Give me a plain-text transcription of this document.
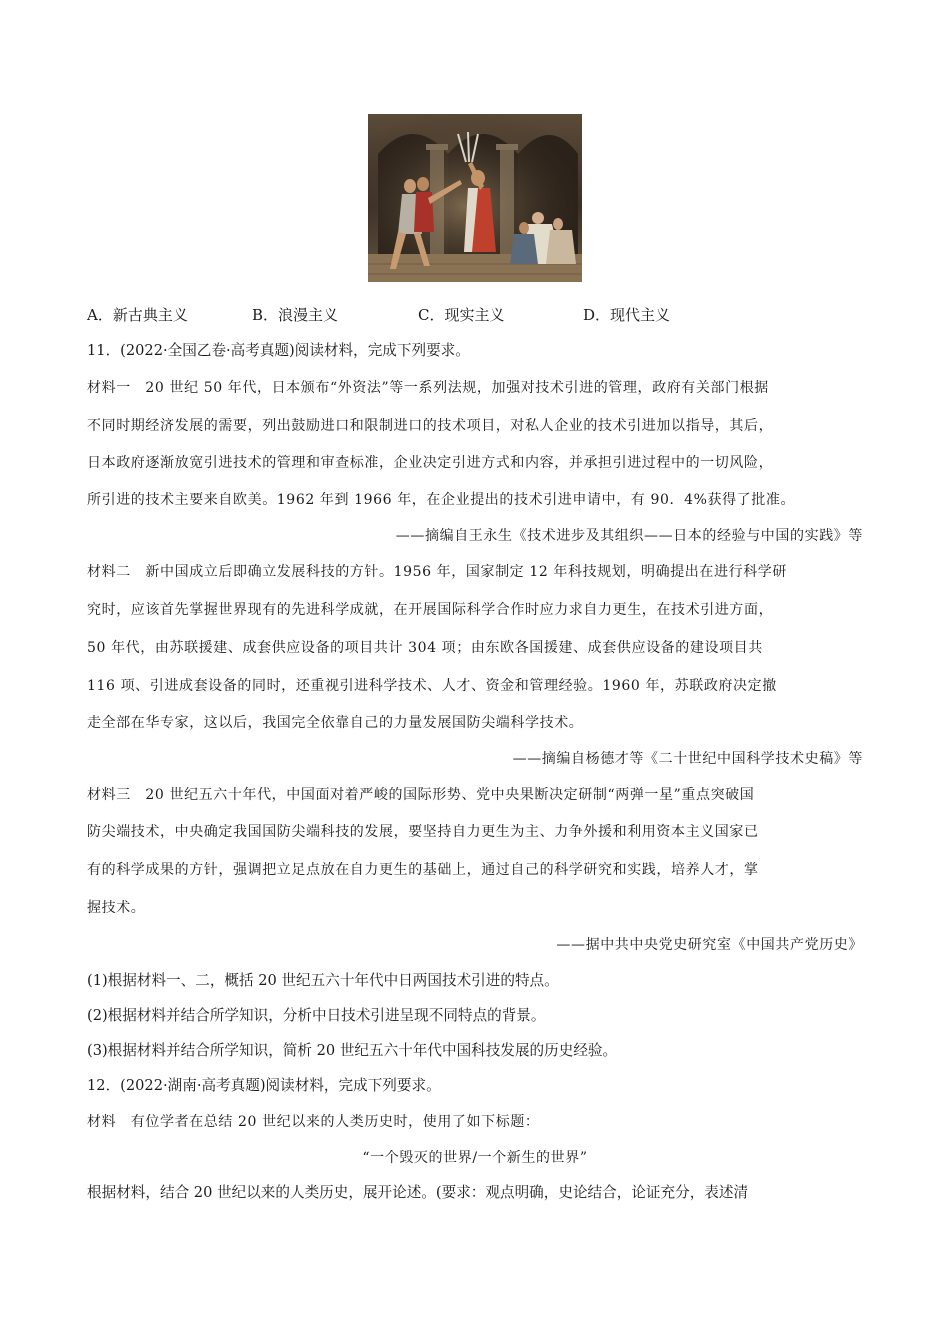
A．新古典主义	B．浪漫主义	C．现实主义	D．现代主义
11．(2022·全国乙卷·高考真题)阅读材料，完成下列要求。
材料一　20 世纪 50 年代，日本颁布“外资法”等一系列法规，加强对技术引进的管理，政府有关部门根据
不同时期经济发展的需要，列出鼓励进口和限制进口的技术项目，对私人企业的技术引进加以指导，其后，
日本政府逐渐放宽引进技术的管理和审查标准，企业决定引进方式和内容，并承担引进过程中的一切风险，
所引进的技术主要来自欧美。1962 年到 1966 年，在企业提出的技术引进申请中，有 90．4%获得了批准。
——摘编自王永生《技术进步及其组织——日本的经验与中国的实践》等
材料二　新中国成立后即确立发展科技的方针。1956 年，国家制定 12 年科技规划，明确提出在进行科学研
究时，应该首先掌握世界现有的先进科学成就，在开展国际科学合作时应力求自力更生，在技术引进方面，
50 年代，由苏联援建、成套供应设备的项目共计 304 项；由东欧各国援建、成套供应设备的建设项目共
116 项、引进成套设备的同时，还重视引进科学技术、人才、资金和管理经验。1960 年，苏联政府决定撤
走全部在华专家，这以后，我国完全依靠自己的力量发展国防尖端科学技术。
——摘编自杨德才等《二十世纪中国科学技术史稿》等
材料三　20 世纪五六十年代，中国面对着严峻的国际形势、党中央果断决定研制“两弹一星”重点突破国
防尖端技术，中央确定我国国防尖端科技的发展，要坚持自力更生为主、力争外援和利用资本主义国家已
有的科学成果的方针，强调把立足点放在自力更生的基础上，通过自己的科学研究和实践，培养人才，掌
握技术。
——据中共中央党史研究室《中国共产党历史》
(1)根据材料一、二，概括 20 世纪五六十年代中日两国技术引进的特点。
(2)根据材料并结合所学知识，分析中日技术引进呈现不同特点的背景。
(3)根据材料并结合所学知识，简析 20 世纪五六十年代中国科技发展的历史经验。
12．(2022·湖南·高考真题)阅读材料，完成下列要求。
材料　有位学者在总结 20 世纪以来的人类历史时，使用了如下标题：
“一个毁灭的世界/一个新生的世界”
根据材料，结合 20 世纪以来的人类历史，展开论述。(要求：观点明确，史论结合，论证充分，表述清
